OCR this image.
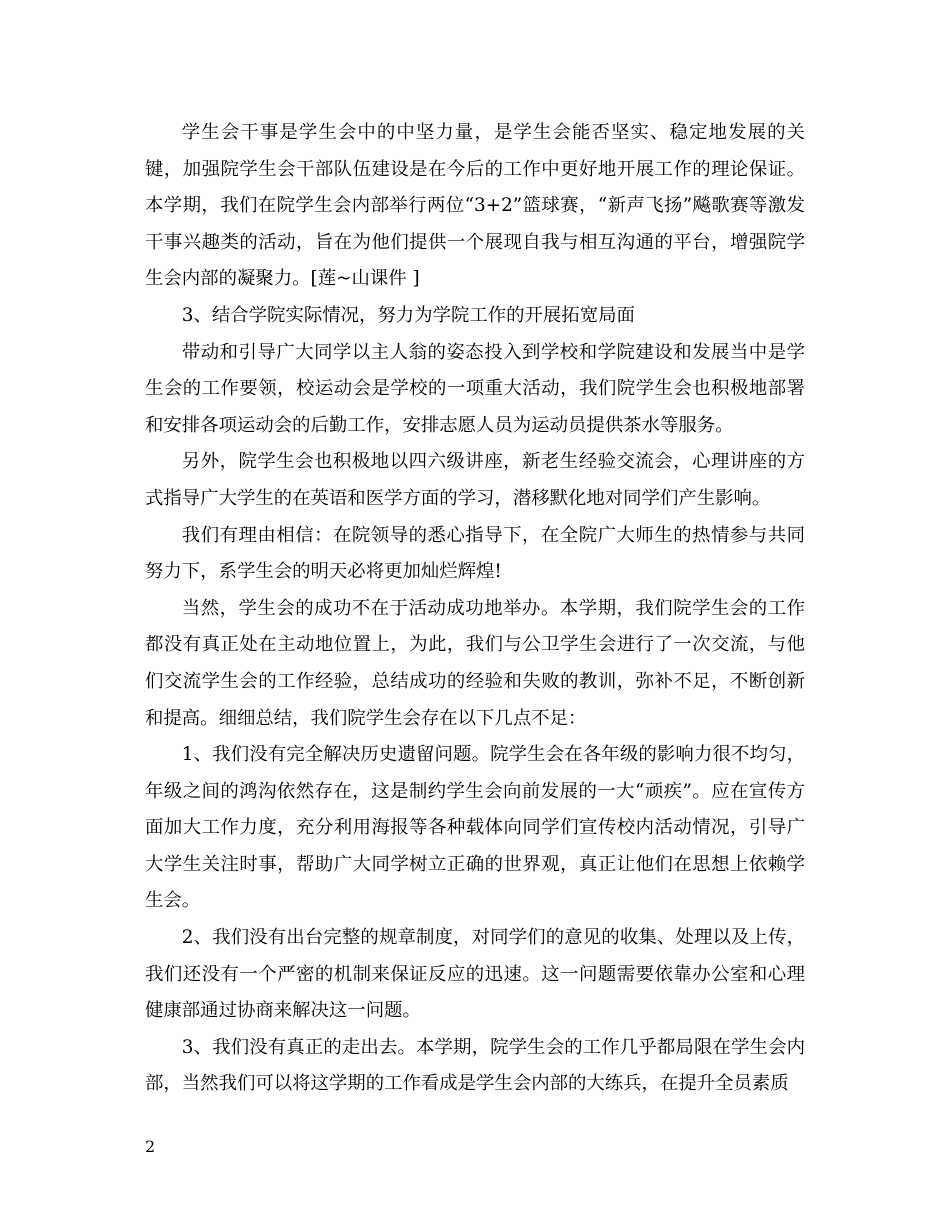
学生会干事是学生会中的中坚力量，是学生会能否坚实、稳定地发展的关键，加强院学生会干部队伍建设是在今后的工作中更好地开展工作的理论保证。本学期，我们在院学生会内部举行两位“3+2”篮球赛，“新声飞扬”飚歌赛等激发干事兴趣类的活动，旨在为他们提供一个展现自我与相互沟通的平台，增强院学生会内部的凝聚力。[莲~山课件 ]

3、结合学院实际情况，努力为学院工作的开展拓宽局面

带动和引导广大同学以主人翁的姿态投入到学校和学院建设和发展当中是学生会的工作要领，校运动会是学校的一项重大活动，我们院学生会也积极地部署和安排各项运动会的后勤工作，安排志愿人员为运动员提供茶水等服务。

另外，院学生会也积极地以四六级讲座，新老生经验交流会，心理讲座的方式指导广大学生的在英语和医学方面的学习，潜移默化地对同学们产生影响。

我们有理由相信：在院领导的悉心指导下，在全院广大师生的热情参与共同努力下，系学生会的明天必将更加灿烂辉煌!

当然，学生会的成功不在于活动成功地举办。本学期，我们院学生会的工作都没有真正处在主动地位置上，为此，我们与公卫学生会进行了一次交流，与他们交流学生会的工作经验，总结成功的经验和失败的教训，弥补不足，不断创新和提高。细细总结，我们院学生会存在以下几点不足：

1、我们没有完全解决历史遗留问题。院学生会在各年级的影响力很不均匀，年级之间的鸿沟依然存在，这是制约学生会向前发展的一大“顽疾”。应在宣传方面加大工作力度，充分利用海报等各种载体向同学们宣传校内活动情况，引导广大学生关注时事，帮助广大同学树立正确的世界观，真正让他们在思想上依赖学生会。

2、我们没有出台完整的规章制度，对同学们的意见的收集、处理以及上传，我们还没有一个严密的机制来保证反应的迅速。这一问题需要依靠办公室和心理健康部通过协商来解决这一问题。

3、我们没有真正的走出去。本学期，院学生会的工作几乎都局限在学生会内部，当然我们可以将这学期的工作看成是学生会内部的大练兵，在提升全员素质

2
